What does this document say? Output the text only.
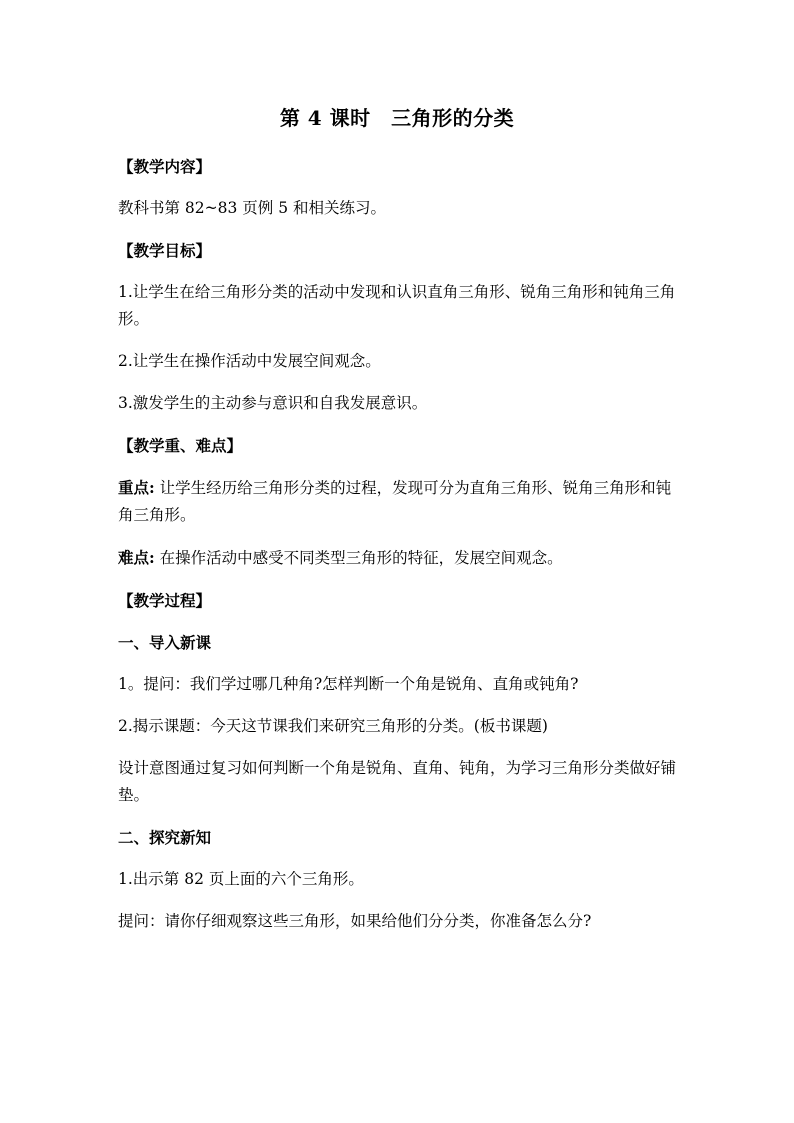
第 4 课时　三角形的分类
【教学内容】
教科书第 82~83 页例 5 和相关练习。
【教学目标】
1.让学生在给三角形分类的活动中发现和认识直角三角形、锐角三角形和钝角三角形。
2.让学生在操作活动中发展空间观念。
3.激发学生的主动参与意识和自我发展意识。
【教学重、难点】
重点: 让学生经历给三角形分类的过程，发现可分为直角三角形、锐角三角形和钝角三角形。
难点: 在操作活动中感受不同类型三角形的特征，发展空间观念。
【教学过程】
一、导入新课
1。提问：我们学过哪几种角?怎样判断一个角是锐角、直角或钝角?
2.揭示课题：今天这节课我们来研究三角形的分类。(板书课题)
设计意图通过复习如何判断一个角是锐角、直角、钝角，为学习三角形分类做好铺垫。
二、探究新知
1.出示第 82 页上面的六个三角形。
提问：请你仔细观察这些三角形，如果给他们分分类，你准备怎么分?
